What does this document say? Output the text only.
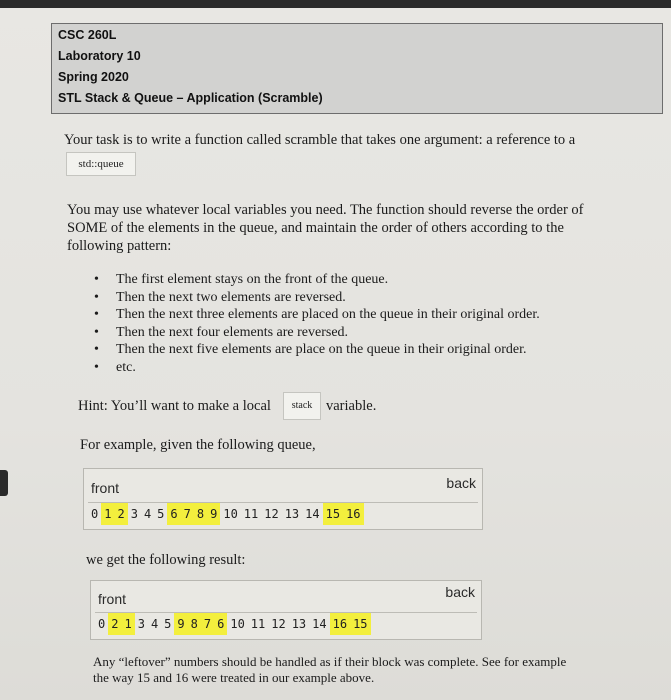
CSC 260L
Laboratory 10
Spring 2020
STL Stack & Queue – Application (Scramble)
Your task is to write a function called scramble that takes one argument: a reference to a
std::queue
You may use whatever local variables you need. The function should reverse the order of
SOME of the elements in the queue, and maintain the order of others according to the
following pattern:
• The first element stays on the front of the queue.
• Then the next two elements are reversed.
• Then the next three elements are placed on the queue in their original order.
• Then the next four elements are reversed.
• Then the next five elements are place on the queue in their original order.
• etc.
Hint: You’ll want to make a local	stack variable.
For example, given the following queue,
front	back
0 1 2 3 4 5 6 7 8 9 10 11 12 13 14 15 16
we get the following result:
front	back
0 2 1 3 4 5 9 8 7 6 10 11 12 13 14 16 15
Any “leftover” numbers should be handled as if their block was complete. See for example
the way 15 and 16 were treated in our example above.
